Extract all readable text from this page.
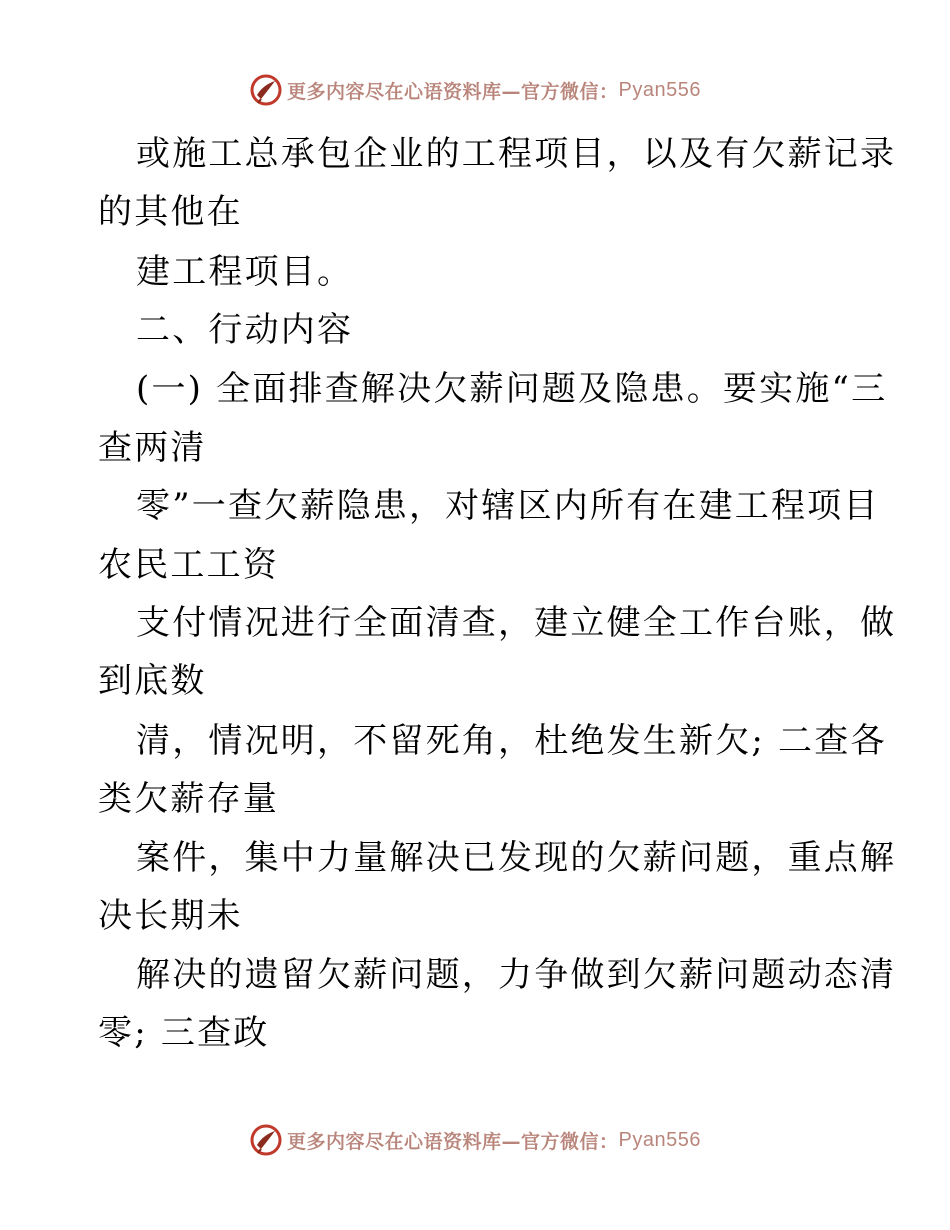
更多内容尽在心语资料库—官方微信： Pyan556
或施工总承包企业的工程项目，以及有欠薪记录
的其他在
建工程项目。
二、行动内容
(一) 全面排查解决欠薪问题及隐患。要实施“三
查两清
零”一查欠薪隐患，对辖区内所有在建工程项目
农民工工资
支付情况进行全面清查，建立健全工作台账，做
到底数
清，情况明，不留死角，杜绝发生新欠; 二查各
类欠薪存量
案件，集中力量解决已发现的欠薪问题，重点解
决长期未
解决的遗留欠薪问题，力争做到欠薪问题动态清
零; 三查政
更多内容尽在心语资料库—官方微信： Pyan556
